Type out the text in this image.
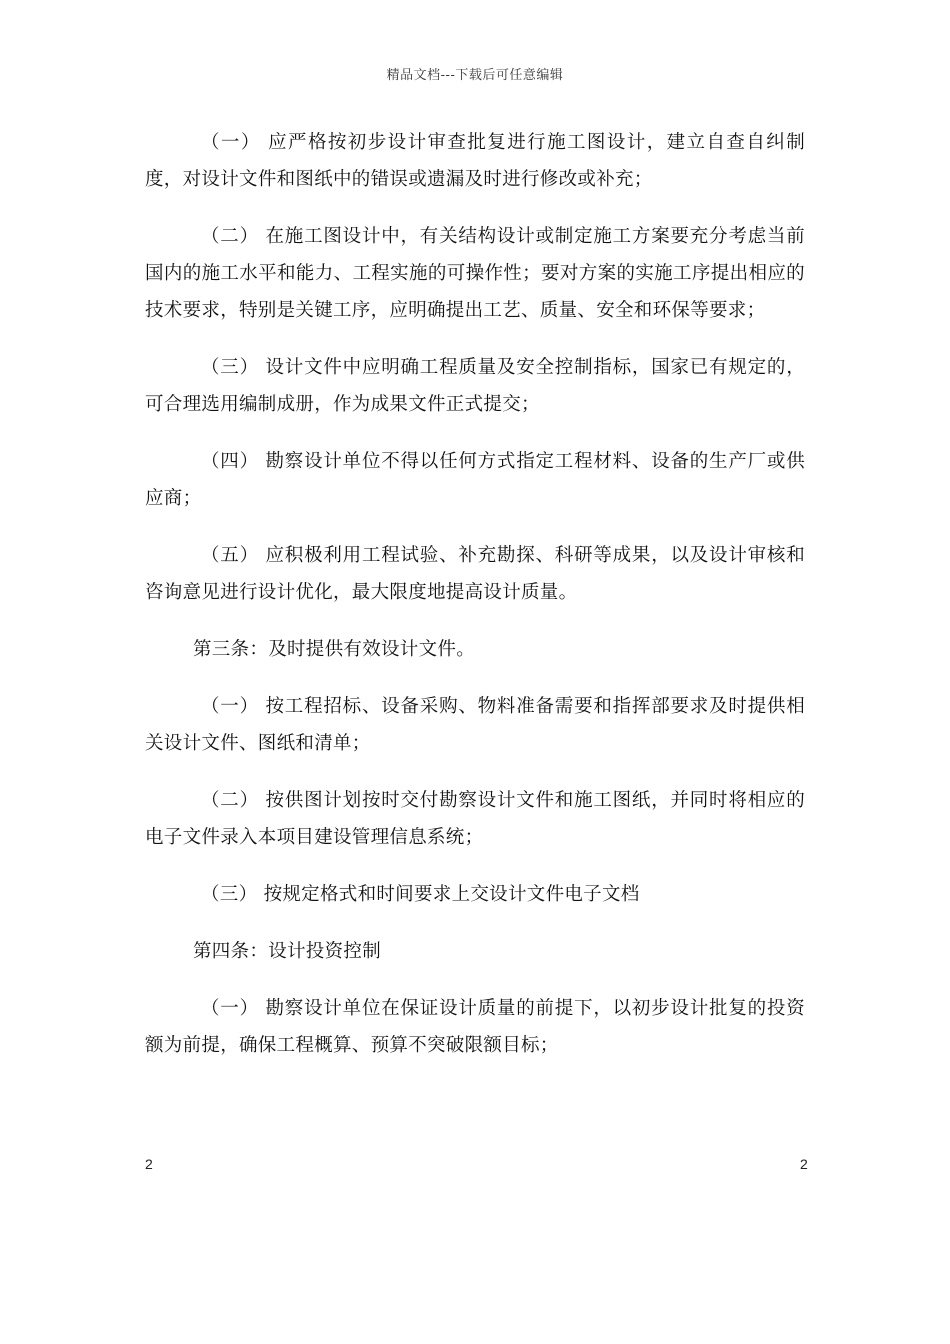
精品文档---下载后可任意编辑

（一） 应严格按初步设计审查批复进行施工图设计，建立自查自纠制度，对设计文件和图纸中的错误或遗漏及时进行修改或补充；

（二） 在施工图设计中，有关结构设计或制定施工方案要充分考虑当前国内的施工水平和能力、工程实施的可操作性；要对方案的实施工序提出相应的技术要求，特别是关键工序，应明确提出工艺、质量、安全和环保等要求；

（三） 设计文件中应明确工程质量及安全控制指标，国家已有规定的，可合理选用编制成册，作为成果文件正式提交；

（四） 勘察设计单位不得以任何方式指定工程材料、设备的生产厂或供应商；

（五） 应积极利用工程试验、补充勘探、科研等成果，以及设计审核和咨询意见进行设计优化，最大限度地提高设计质量。

第三条：及时提供有效设计文件。

（一） 按工程招标、设备采购、物料准备需要和指挥部要求及时提供相关设计文件、图纸和清单；

（二） 按供图计划按时交付勘察设计文件和施工图纸，并同时将相应的电子文件录入本项目建设管理信息系统；

（三） 按规定格式和时间要求上交设计文件电子文档

第四条：设计投资控制

（一） 勘察设计单位在保证设计质量的前提下，以初步设计批复的投资额为前提，确保工程概算、预算不突破限额目标；

2	2
